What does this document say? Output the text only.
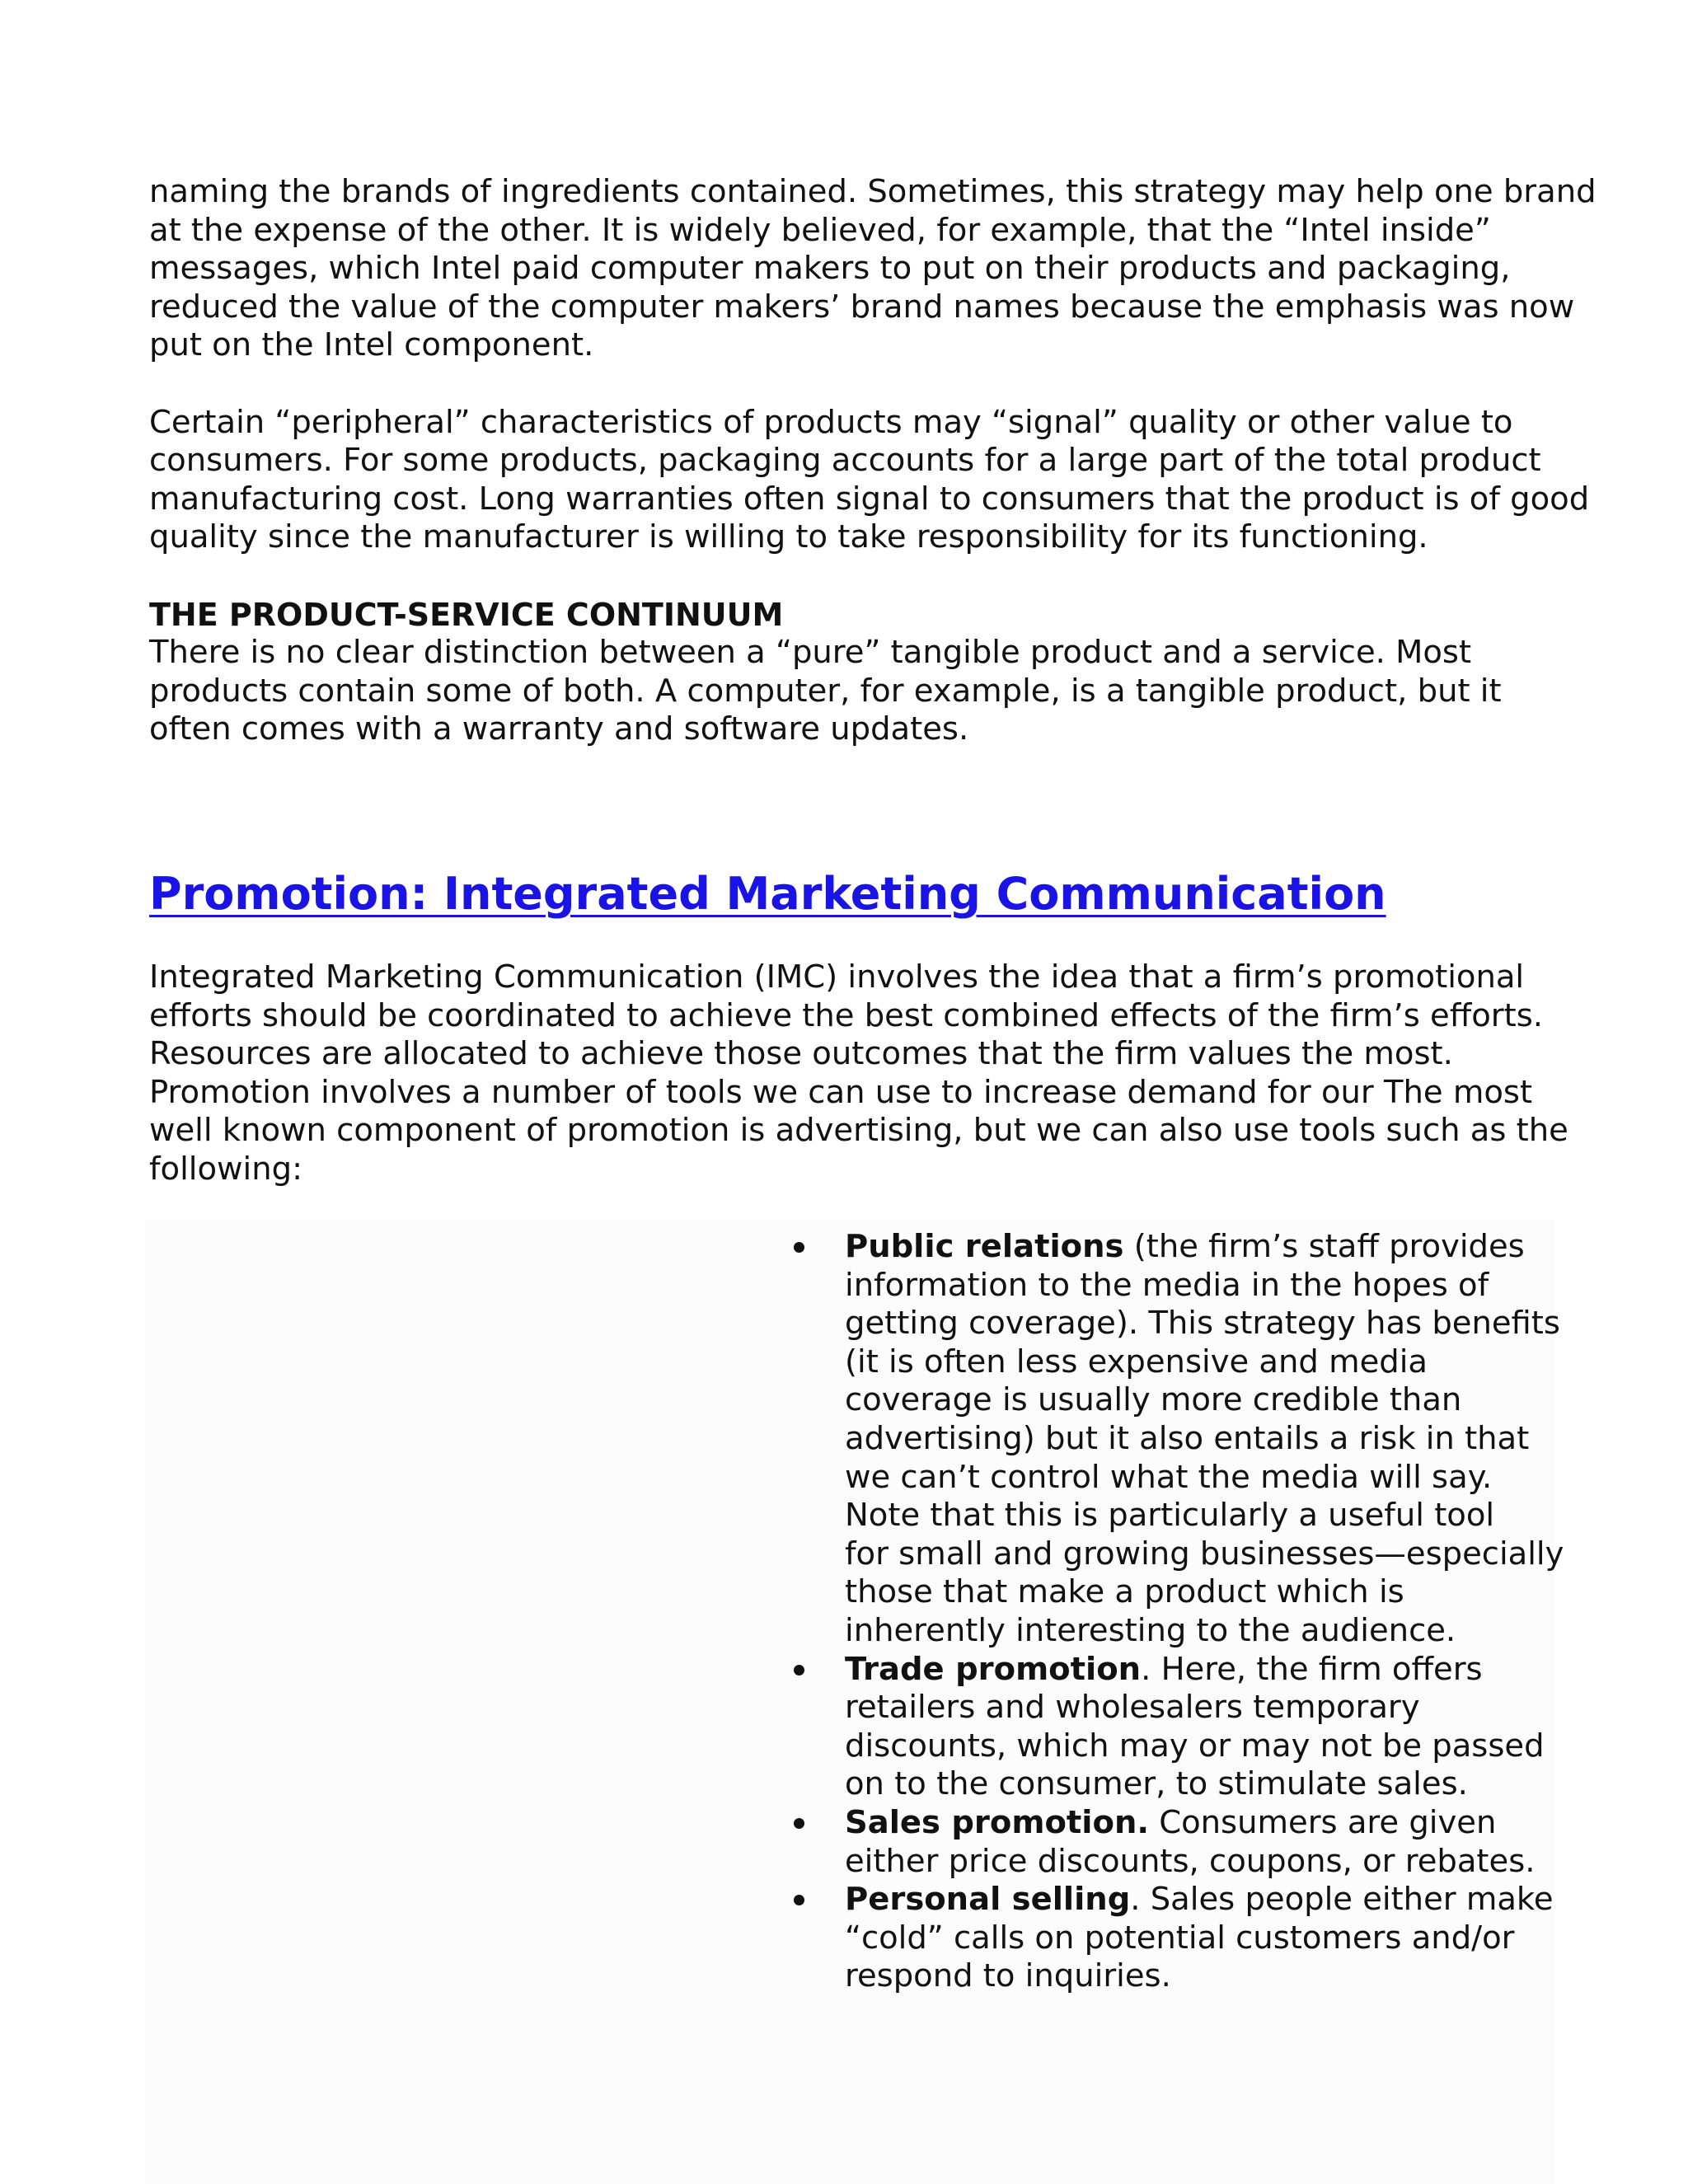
naming the brands of ingredients contained. Sometimes, this strategy may help one brand

at the expense of the other. It is widely believed, for example, that the “Intel inside”

messages, which Intel paid computer makers to put on their products and packaging,

reduced the value of the computer makers’ brand names because the emphasis was now

put on the Intel component.

Certain “peripheral” characteristics of products may “signal” quality or other value to

consumers. For some products, packaging accounts for a large part of the total product

manufacturing cost. Long warranties often signal to consumers that the product is of good

quality since the manufacturer is willing to take responsibility for its functioning.

THE PRODUCT-SERVICE CONTINUUM

There is no clear distinction between a “pure” tangible product and a service. Most

products contain some of both. A computer, for example, is a tangible product, but it

often comes with a warranty and software updates.

Promotion: Integrated Marketing Communication

Integrated Marketing Communication (IMC) involves the idea that a firm’s promotional

efforts should be coordinated to achieve the best combined effects of the firm’s efforts.

Resources are allocated to achieve those outcomes that the firm values the most.

Promotion involves a number of tools we can use to increase demand for our The most

well known component of promotion is advertising, but we can also use tools such as the

following:

Public relations (the firm’s staff provides

information to the media in the hopes of

getting coverage). This strategy has benefits

(it is often less expensive and media

coverage is usually more credible than

advertising) but it also entails a risk in that

we can’t control what the media will say.

Note that this is particularly a useful tool

for small and growing businesses—especially

those that make a product which is

inherently interesting to the audience.

Trade promotion. Here, the firm offers

retailers and wholesalers temporary

discounts, which may or may not be passed

on to the consumer, to stimulate sales.

Sales promotion. Consumers are given

either price discounts, coupons, or rebates.

Personal selling. Sales people either make

“cold” calls on potential customers and/or

respond to inquiries.
